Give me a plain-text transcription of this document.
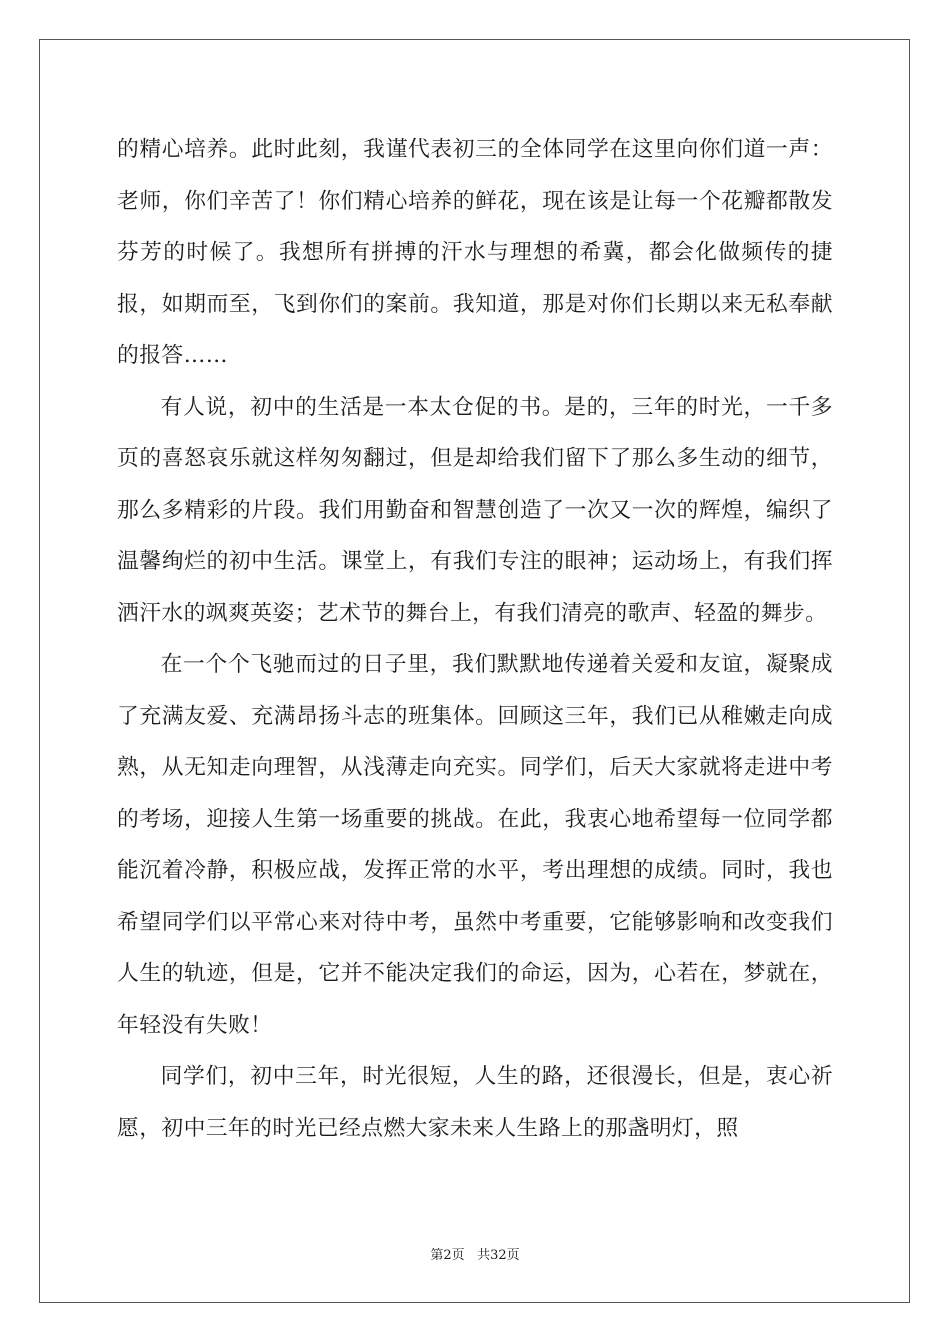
的精心培养。此时此刻，我谨代表初三的全体同学在这里向你们道一声：老师，你们辛苦了！你们精心培养的鲜花，现在该是让每一个花瓣都散发芬芳的时候了。我想所有拼搏的汗水与理想的希冀，都会化做频传的捷报，如期而至，飞到你们的案前。我知道，那是对你们长期以来无私奉献的报答……

有人说，初中的生活是一本太仓促的书。是的，三年的时光，一千多页的喜怒哀乐就这样匆匆翻过，但是却给我们留下了那么多生动的细节，那么多精彩的片段。我们用勤奋和智慧创造了一次又一次的辉煌，编织了温馨绚烂的初中生活。课堂上，有我们专注的眼神；运动场上，有我们挥洒汗水的飒爽英姿；艺术节的舞台上，有我们清亮的歌声、轻盈的舞步。

在一个个飞驰而过的日子里，我们默默地传递着关爱和友谊，凝聚成了充满友爱、充满昂扬斗志的班集体。回顾这三年，我们已从稚嫩走向成熟，从无知走向理智，从浅薄走向充实。同学们，后天大家就将走进中考的考场，迎接人生第一场重要的挑战。在此，我衷心地希望每一位同学都能沉着冷静，积极应战，发挥正常的水平，考出理想的成绩。同时，我也希望同学们以平常心来对待中考，虽然中考重要，它能够影响和改变我们人生的轨迹，但是，它并不能决定我们的命运，因为，心若在，梦就在，年轻没有失败！

同学们，初中三年，时光很短，人生的路，还很漫长，但是，衷心祈愿，初中三年的时光已经点燃大家未来人生路上的那盏明灯，照

第2页 共32页
